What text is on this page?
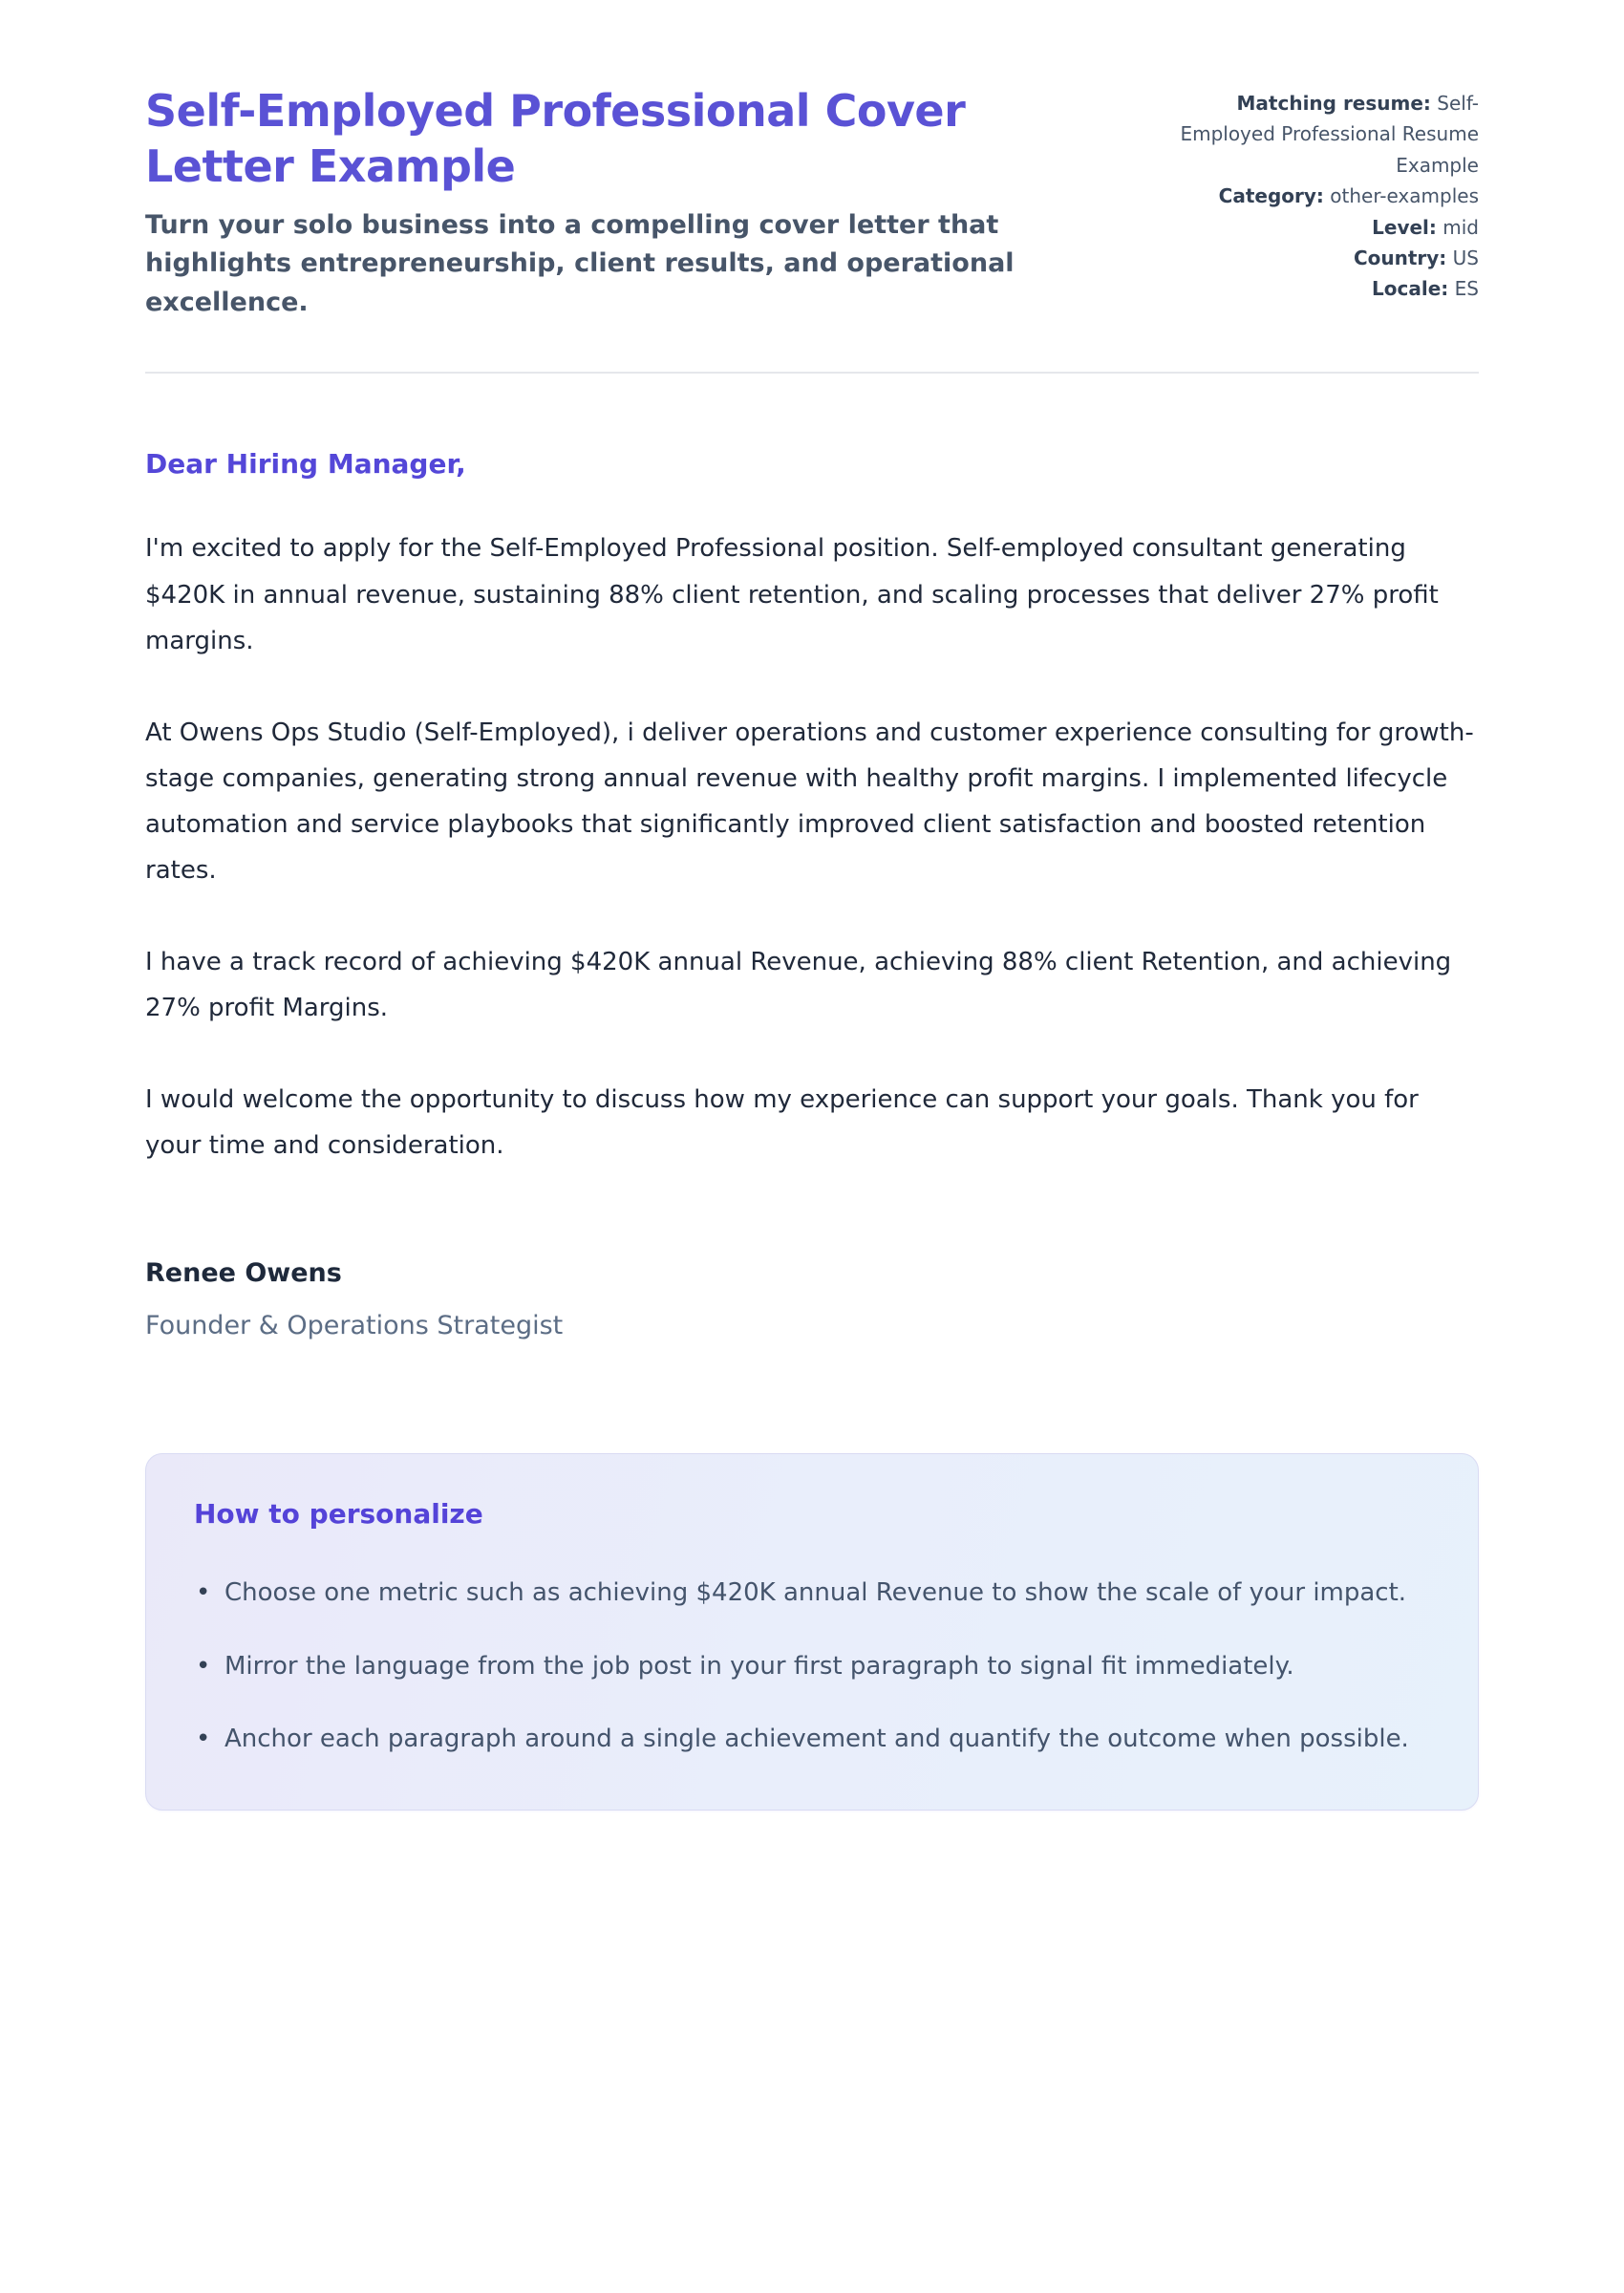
Self-Employed Professional Cover Letter Example

Turn your solo business into a compelling cover letter that highlights entrepreneurship, client results, and operational excellence.

Matching resume: Self-Employed Professional Resume Example
Category: other-examples
Level: mid
Country: US
Locale: ES

Dear Hiring Manager,

I'm excited to apply for the Self-Employed Professional position. Self-employed consultant generating $420K in annual revenue, sustaining 88% client retention, and scaling processes that deliver 27% profit margins.

At Owens Ops Studio (Self-Employed), i deliver operations and customer experience consulting for growth-stage companies, generating strong annual revenue with healthy profit margins. I implemented lifecycle automation and service playbooks that significantly improved client satisfaction and boosted retention rates.

I have a track record of achieving $420K annual Revenue, achieving 88% client Retention, and achieving 27% profit Margins.

I would welcome the opportunity to discuss how my experience can support your goals. Thank you for your time and consideration.

Renee Owens

Founder & Operations Strategist

How to personalize
• Choose one metric such as achieving $420K annual Revenue to show the scale of your impact.
• Mirror the language from the job post in your first paragraph to signal fit immediately.
• Anchor each paragraph around a single achievement and quantify the outcome when possible.
